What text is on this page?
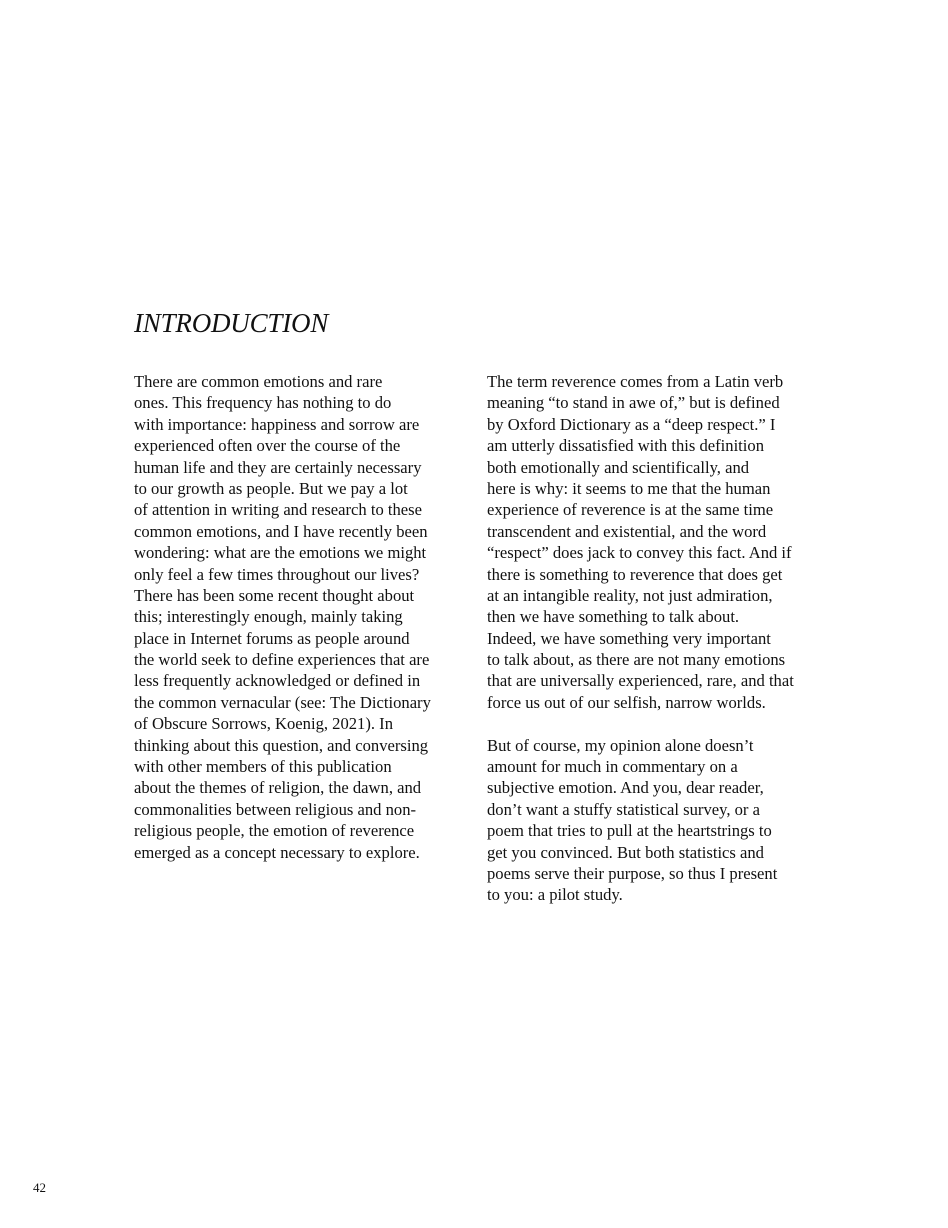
INTRODUCTION
There are common emotions and rare
ones. This frequency has nothing to do
with importance: happiness and sorrow are
experienced often over the course of the
human life and they are certainly necessary
to our growth as people. But we pay a lot
of attention in writing and research to these
common emotions, and I have recently been
wondering: what are the emotions we might
only feel a few times throughout our lives?
There has been some recent thought about
this; interestingly enough, mainly taking
place in Internet forums as people around
the world seek to define experiences that are
less frequently acknowledged or defined in
the common vernacular (see: The Dictionary
of Obscure Sorrows, Koenig, 2021). In
thinking about this question, and conversing
with other members of this publication
about the themes of religion, the dawn, and
commonalities between religious and non-
religious people, the emotion of reverence
emerged as a concept necessary to explore.
The term reverence comes from a Latin verb
meaning “to stand in awe of,” but is defined
by Oxford Dictionary as a “deep respect.” I
am utterly dissatisfied with this definition
both emotionally and scientifically, and
here is why: it seems to me that the human
experience of reverence is at the same time
transcendent and existential, and the word
“respect” does jack to convey this fact. And if
there is something to reverence that does get
at an intangible reality, not just admiration,
then we have something to talk about.
Indeed, we have something very important
to talk about, as there are not many emotions
that are universally experienced, rare, and that
force us out of our selfish, narrow worlds.
But of course, my opinion alone doesn’t
amount for much in commentary on a
subjective emotion. And you, dear reader,
don’t want a stuffy statistical survey, or a
poem that tries to pull at the heartstrings to
get you convinced. But both statistics and
poems serve their purpose, so thus I present
to you: a pilot study.
42
